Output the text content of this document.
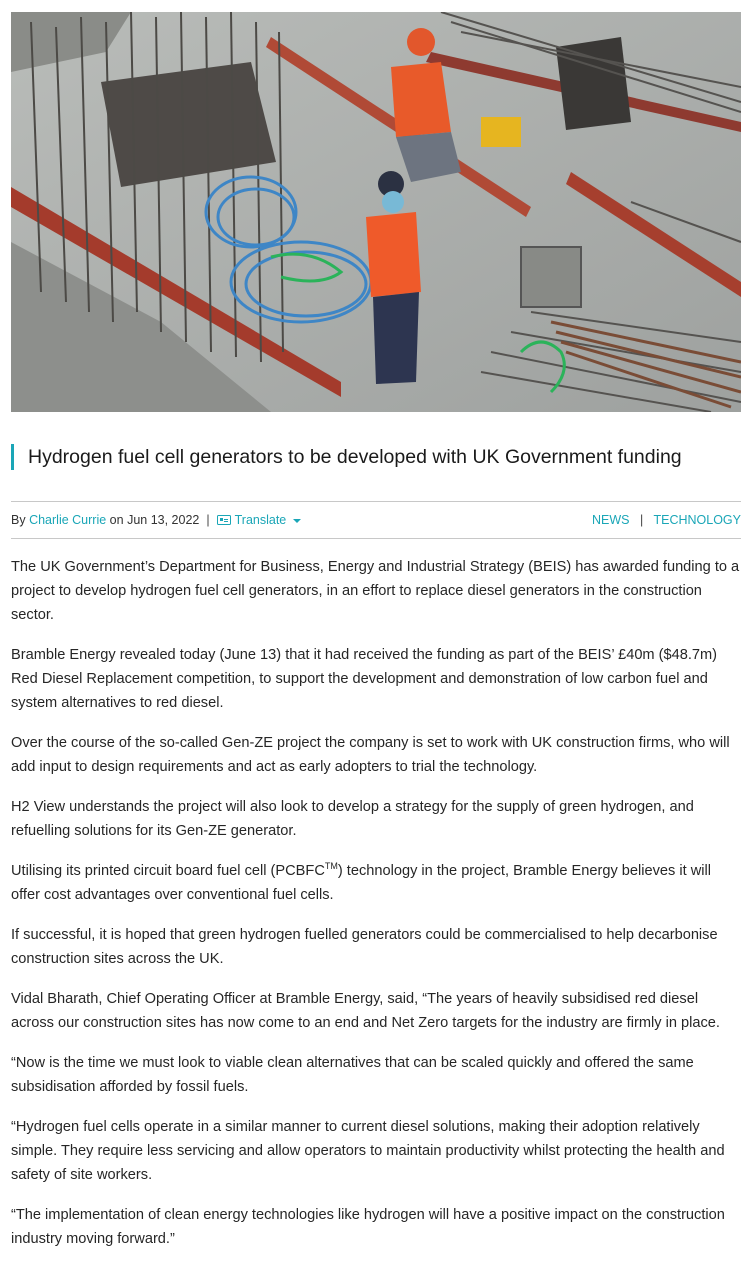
Hydrogen fuel cell generators to be developed with UK Government funding
By
Charlie Currie
on
Jun 13, 2022 | Translate	NEWS | TECHNOLOGY

The UK Government’s Department for Business, Energy and Industrial Strategy (BEIS) has awarded funding to a project to develop hydrogen fuel cell generators, in an effort to replace diesel generators in the construction sector.

Bramble Energy revealed today (June 13) that it had received the funding as part of the BEIS’ £40m ($48.7m) Red Diesel Replacement competition, to support the development and demonstration of low carbon fuel and system alternatives to red diesel.

Over the course of the so-called Gen-ZE project the company is set to work with UK construction firms, who will add input to design requirements and act as early adopters to trial the technology.

H2 View understands the project will also look to develop a strategy for the supply of green hydrogen, and refuelling solutions for its Gen-ZE generator.

Utilising its printed circuit board fuel cell (PCBFC™) technology in the project, Bramble Energy believes it will offer cost advantages over conventional fuel cells.

If successful, it is hoped that green hydrogen fuelled generators could be commercialised to help decarbonise construction sites across the UK.

Vidal Bharath, Chief Operating Officer at Bramble Energy, said, “The years of heavily subsidised red diesel across our construction sites has now come to an end and Net Zero targets for the industry are firmly in place.

“Now is the time we must look to viable clean alternatives that can be scaled quickly and offered the same subsidisation afforded by fossil fuels.

“Hydrogen fuel cells operate in a similar manner to current diesel solutions, making their adoption relatively simple. They require less servicing and allow operators to maintain productivity whilst protecting the health and safety of site workers.

“The implementation of clean energy technologies like hydrogen will have a positive impact on the construction industry moving forward.”
